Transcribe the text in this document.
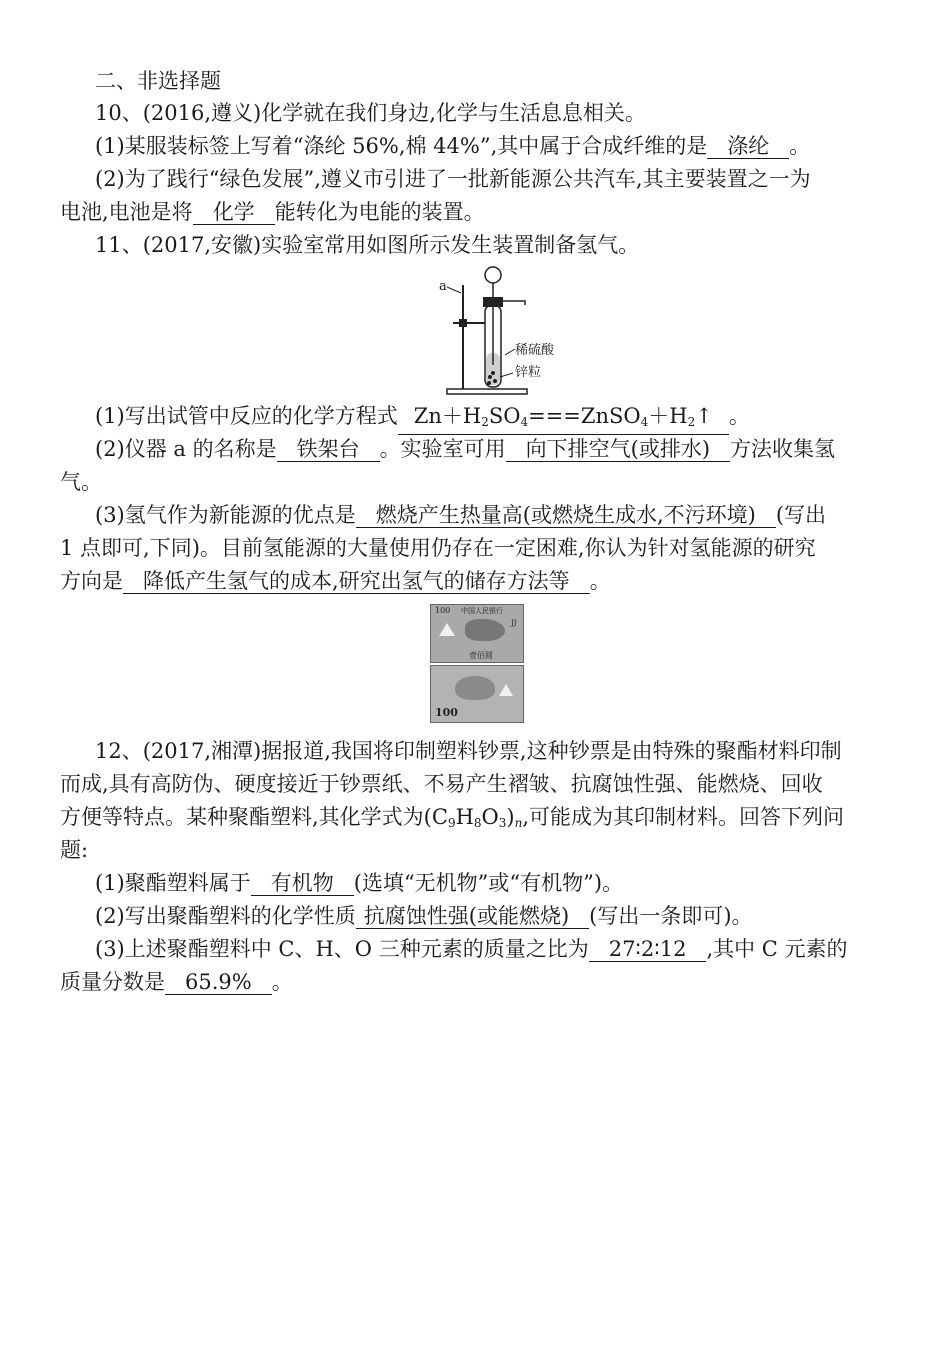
二、非选择题
10、(2016,遵义)化学就在我们身边,化学与生活息息相关。
(1)某服装标签上写着“涤纶 56%,棉 44%”,其中属于合成纤维的是 涤纶 。
(2)为了践行“绿色发展”,遵义市引进了一批新能源公共汽车,其主要装置之一为
电池,电池是将 化学 能转化为电能的装置。
11、(2017,安徽)实验室常用如图所示发生装置制备氢气。
a
稀硫酸
锌粒
(1)写出试管中反应的化学方程式 $Zn+H_2SO_4===ZnSO_4+H_2↑$ 。
(2)仪器 a 的名称是 铁架台 。实验室可用 向下排空气(或排水) 方法收集氢
气。
(3)氢气作为新能源的优点是 燃烧产生热量高(或燃烧生成水,不污环境) (写出
1 点即可,下同)。目前氢能源的大量使用仍存在一定困难,你认为针对氢能源的研究
方向是 降低产生氢气的成本,研究出氢气的储存方法等 。
100 中国人民银行
JJ
壹佰圆
100
12、(2017,湘潭)据报道,我国将印制塑料钞票,这种钞票是由特殊的聚酯材料印制
而成,具有高防伪、硬度接近于钞票纸、不易产生褶皱、抗腐蚀性强、能燃烧、回收
方便等特点。某种聚酯塑料,其化学式为$(C_9H_8O_3)_n$,可能成为其印制材料。回答下列问
题:
(1)聚酯塑料属于 有机物 (选填“无机物”或“有机物”)。
(2)写出聚酯塑料的化学性质 抗腐蚀性强(或能燃烧) (写出一条即可)。
(3)上述聚酯塑料中 C、H、O 三种元素的质量之比为 27∶2∶12 ,其中 C 元素的
质量分数是 65.9% 。
